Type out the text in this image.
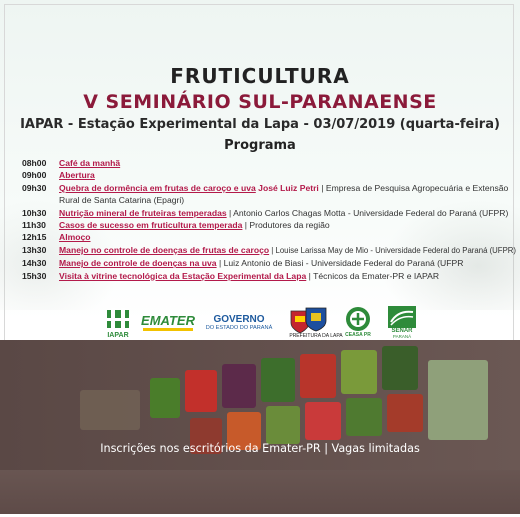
FRUTICULTURA
V SEMINÁRIO SUL-PARANAENSE
IAPAR - Estação Experimental da Lapa - 03/07/2019 (quarta-feira)
Programa
08h00	Café da manhã
09h00	Abertura
09h30	Quebra de dormência em frutas de caroço e uva José Luiz Petri | Empresa de Pesquisa Agropecuária e Extensão
Rural de Santa Catarina (Epagri)
10h30	Nutrição mineral de fruteiras temperadas | Antonio Carlos Chagas Motta - Universidade Federal do Paraná (UFPR)
11h30	Casos de sucesso em fruticultura temperada | Produtores da região
12h15	Almoço
13h30	Manejo no controle de doenças de frutas de caroço | Louise Larissa May de Mio - Universidade Federal do Paraná (UFPR)
14h30	Manejo de controle de doenças na uva | Luiz Antonio de Biasi - Universidade Federal do Paraná (UFPR
15h30	Visita à vitrine tecnológica da Estação Experimental da Lapa | Técnicos da Emater-PR e IAPAR
IAPAR
EMATER GOVERNO
DO ESTADO DO PARANÁ
PREFEITURA DA LAPA CEASA PR
SENAR
PARANÁ
Inscrições nos escritórios da Emater-PR | Vagas limitadas
